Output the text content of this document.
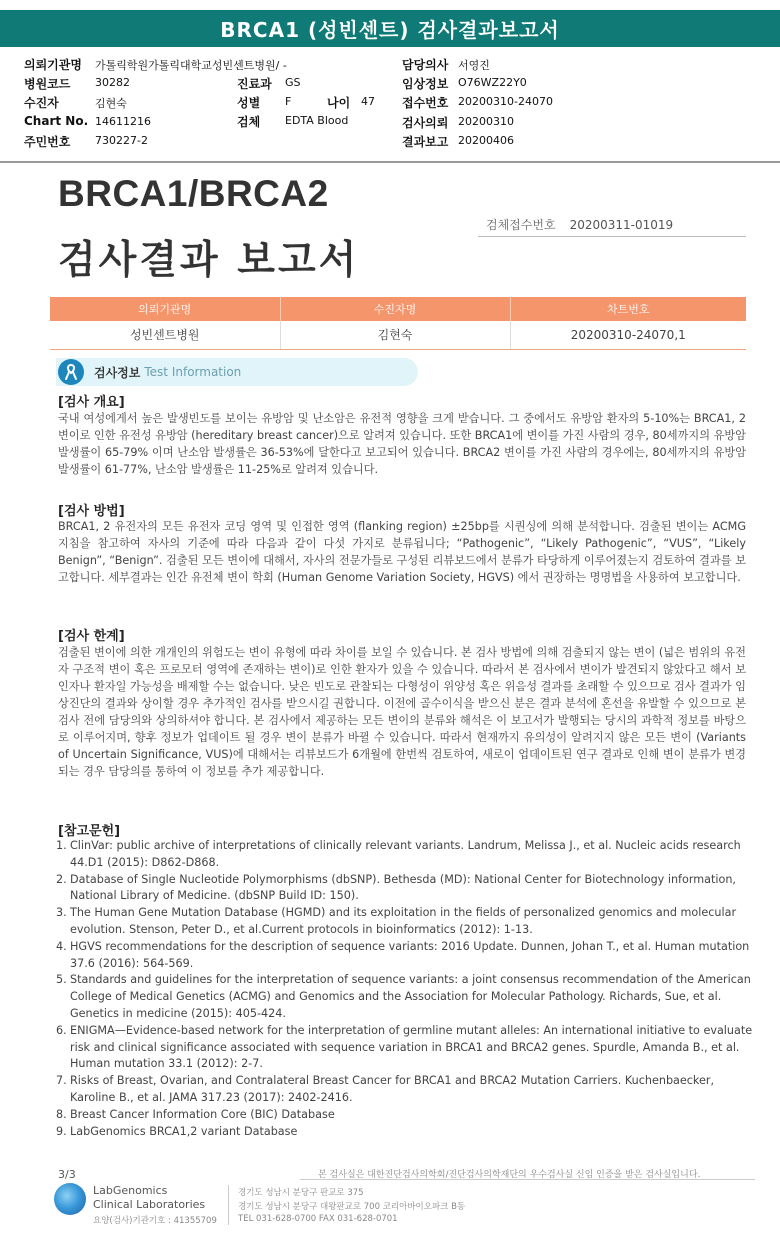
BRCA1 (성빈센트) 검사결과보고서
의뢰기관명 가톨릭학원가톨릭대학교성빈센트병원/ -	담당의사 서영진
병원코드 30282	진료과 GS	임상정보 O76WZ22Y0
수진자	김현숙	성별 F	나이 47 접수번호 20200310-24070
Chart No. 14611216	검체 EDTA Blood	검사의뢰 20200310
주민번호 730227-2	결과보고 20200406
BRCA1/BRCA2
검사결과 보고서
검체접수번호 20200311-01019
의뢰기관명	수진자명	차트번호
성빈센트병원	김현숙	20200310-24070,1
검사정보 Test Information
[검사 개요]
국내 여성에게서 높은 발생빈도를 보이는 유방암 및 난소암은 유전적 영향을 크게 받습니다. 그 중에서도 유방암 환자의 5-10%는 BRCA1, 2 변이로 인한 유전성 유방암 (hereditary breast cancer)으로 알려져 있습니다. 또한 BRCA1에 변이를 가진 사람의 경우, 80세까지의 유방암 발생률이 65-79% 이며 난소암 발생률은 36-53%에 달한다고 보고되어 있습니다. BRCA2 변이를 가진 사람의 경우에는, 80세까지의 유방암 발생률이 61-77%, 난소암 발생률은 11-25%로 알려져 있습니다.
[검사 방법]
BRCA1, 2 유전자의 모든 유전자 코딩 영역 및 인접한 영역 (flanking region) ±25bp를 시퀀싱에 의해 분석합니다. 검출된 변이는 ACMG 지침을 참고하여 자사의 기준에 따라 다음과 같이 다섯 가지로 분류됩니다; “Pathogenic”, “Likely Pathogenic”, “VUS”, “Likely Benign”, “Benign”. 검출된 모든 변이에 대해서, 자사의 전문가들로 구성된 리뷰보드에서 분류가 타당하게 이루어졌는지 검토하여 결과를 보고합니다. 세부결과는 인간 유전체 변이 학회 (Human Genome Variation Society, HGVS) 에서 권장하는 명명법을 사용하여 보고합니다.
[검사 한계]
검출된 변이에 의한 개개인의 위험도는 변이 유형에 따라 차이를 보일 수 있습니다. 본 검사 방법에 의해 검출되지 않는 변이 (넓은 범위의 유전자 구조적 변이 혹은 프로모터 영역에 존재하는 변이)로 인한 환자가 있을 수 있습니다. 따라서 본 검사에서 변이가 발견되지 않았다고 해서 보인자나 환자일 가능성을 배제할 수는 없습니다. 낮은 빈도로 관찰되는 다형성이 위양성 혹은 위음성 결과를 초래할 수 있으므로 검사 결과가 임상진단의 결과와 상이할 경우 추가적인 검사를 받으시길 권합니다. 이전에 골수이식을 받으신 분은 결과 분석에 혼선을 유발할 수 있으므로 본 검사 전에 담당의와 상의하셔야 합니다. 본 검사에서 제공하는 모든 변이의 분류와 해석은 이 보고서가 발행되는 당시의 과학적 정보를 바탕으로 이루어지며, 향후 정보가 업데이트 될 경우 변이 분류가 바뀔 수 있습니다. 따라서 현재까지 유의성이 알려지지 않은 모든 변이 (Variants of Uncertain Significance, VUS)에 대해서는 리뷰보드가 6개월에 한번씩 검토하여, 새로이 업데이트된 연구 결과로 인해 변이 분류가 변경되는 경우 담당의를 통하여 이 정보를 추가 제공합니다.
[참고문헌]
1. ClinVar: public archive of interpretations of clinically relevant variants. Landrum, Melissa J., et al. Nucleic acids research 44.D1 (2015): D862-D868.
2. Database of Single Nucleotide Polymorphisms (dbSNP). Bethesda (MD): National Center for Biotechnology information, National Library of Medicine. (dbSNP Build ID: 150).
3. The Human Gene Mutation Database (HGMD) and its exploitation in the fields of personalized genomics and molecular evolution. Stenson, Peter D., et al.Current protocols in bioinformatics (2012): 1-13.
4. HGVS recommendations for the description of sequence variants: 2016 Update. Dunnen, Johan T., et al. Human mutation 37.6 (2016): 564-569.
5. Standards and guidelines for the interpretation of sequence variants: a joint consensus recommendation of the American College of Medical Genetics (ACMG) and Genomics and the Association for Molecular Pathology. Richards, Sue, et al. Genetics in medicine (2015): 405-424.
6. ENIGMA—Evidence-based network for the interpretation of germline mutant alleles: An international initiative to evaluate risk and clinical significance associated with sequence variation in BRCA1 and BRCA2 genes. Spurdle, Amanda B., et al. Human mutation 33.1 (2012): 2-7.
7. Risks of Breast, Ovarian, and Contralateral Breast Cancer for BRCA1 and BRCA2 Mutation Carriers. Kuchenbaecker, Karoline B., et al. JAMA 317.23 (2017): 2402-2416.
8. Breast Cancer Information Core (BIC) Database
9. LabGenomics BRCA1,2 variant Database
3/3	본 검사실은 대한진단검사의학회/진단검사의학재단의 우수검사실 신임 인증을 받은 검사실입니다.
LabGenomics
Clinical Laboratories
요양(검사)기관기호 : 41355709
경기도 성남시 분당구 판교로 375
경기도 성남시 분당구 대왕판교로 700 코리아바이오파크 B동
TEL 031-628-0700 FAX 031-628-0701
